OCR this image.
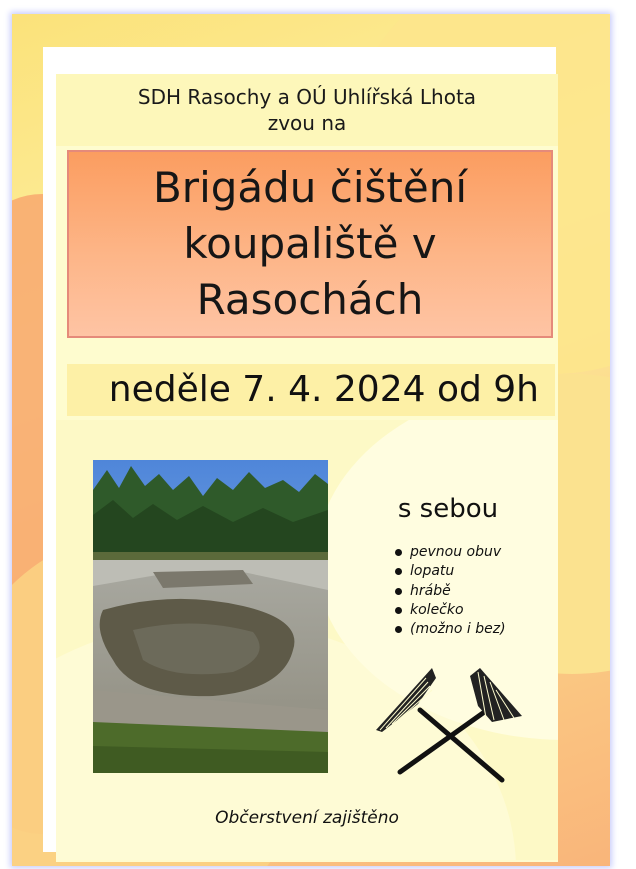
SDH Rasochy a OÚ Uhlířská Lhota
zvou na
Brigádu čištění koupaliště v Rasochách
neděle 7. 4. 2024 od 9h
s sebou
pevnou obuv
lopatu
hrábě
kolečko
(možno i bez)
Občerstvení zajištěno
